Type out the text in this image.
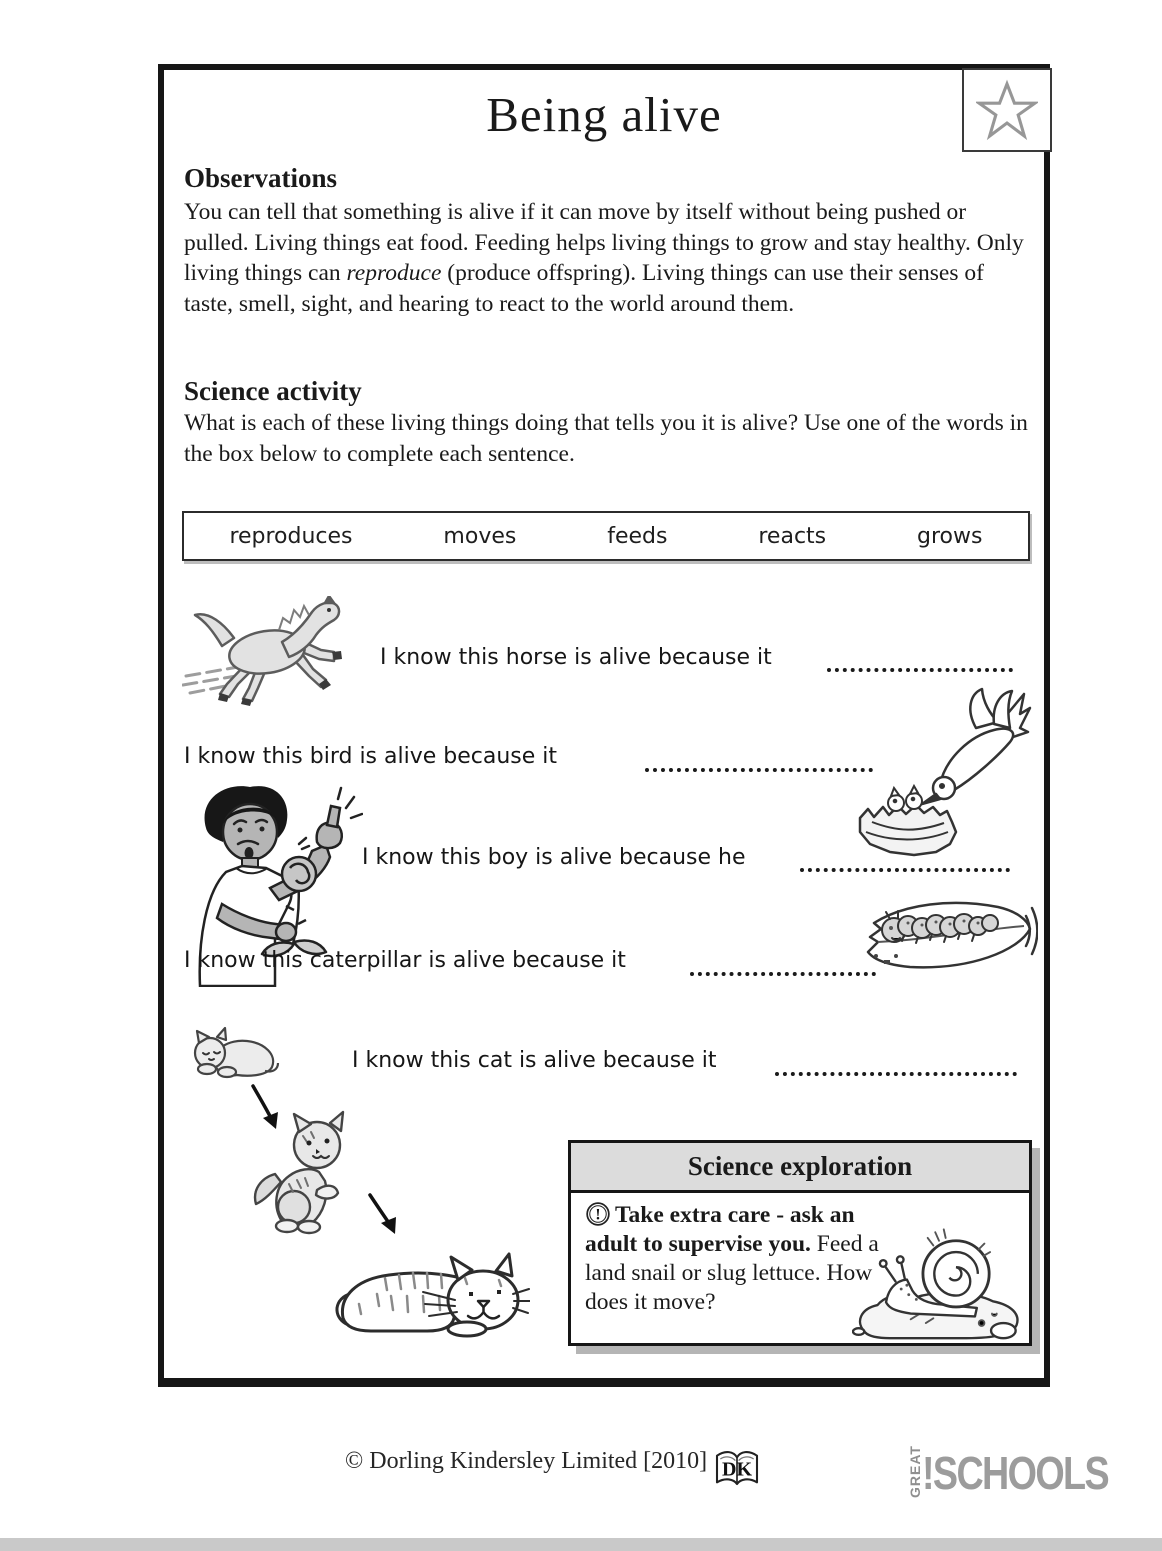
Being alive
Observations
You can tell that something is alive if it can move by itself without being pushed or pulled. Living things eat food. Feeding helps living things to grow and stay healthy. Only living things can reproduce (produce offspring). Living things can use their senses of taste, smell, sight, and hearing to react to the world around them.
Science activity
What is each of these living things doing that tells you it is alive? Use one of the words in the box below to complete each sentence.
reproduces	moves	feeds	reacts	grows
I know this horse is alive because it
I know this bird is alive because it
I know this boy is alive because he
I know this caterpillar is alive because it
I know this cat is alive because it
Science exploration
! Take extra care - ask an adult to supervise you. Feed a land snail or slug lettuce. How does it move?
© Dorling Kindersley Limited [2010] DK	GREAT !SCHOOLS
